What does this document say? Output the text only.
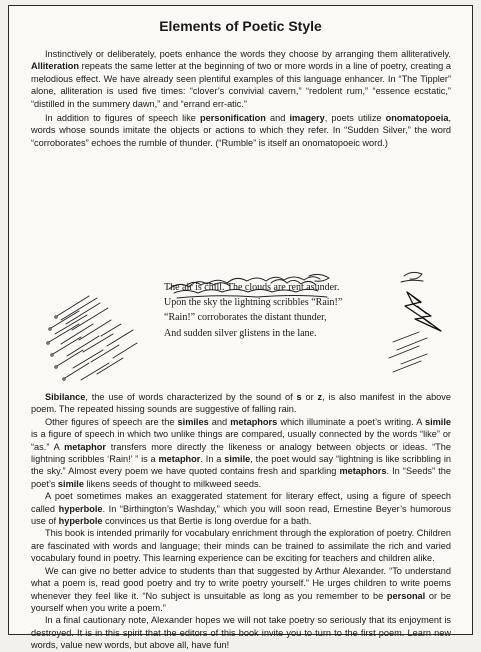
Elements of Poetic Style

Instinctively or deliberately, poets enhance the words they choose by arranging them alliteratively. Alliteration repeats the same letter at the beginning of two or more words in a line of poetry, creating a melodious effect. We have already seen plentiful examples of this language enhancer. In “The Tippler” alone, alliteration is used five times: “clover’s convivial cavern,” “redolent rum,” “essence ecstatic,” “distilled in the summery dawn,” and “errand err-atic.”

In addition to figures of speech like personification and imagery, poets utilize onomatopoeia, words whose sounds imitate the objects or actions to which they refer. In “Sudden Silver,” the word “corroborates” echoes the rumble of thunder. (“Rumble” is itself an onomatopoeic word.)

The air is chill. The clouds are rent asunder.
Upon the sky the lightning scribbles “Rain!”
“Rain!” corroborates the distant thunder,
And sudden silver glistens in the lane.

Sibilance, the use of words characterized by the sound of s or z, is also manifest in the above poem. The repeated hissing sounds are suggestive of falling rain.

Other figures of speech are the similes and metaphors which illuminate a poet’s writing. A simile is a figure of speech in which two unlike things are compared, usually connected by the words “like” or “as.” A metaphor transfers more directly the likeness or analogy between objects or ideas. “The lightning scribbles ‘Rain!’ ” is a metaphor. In a simile, the poet would say “lightning is like scribbling in the sky.” Almost every poem we have quoted contains fresh and sparkling metaphors. In “Seeds” the poet’s simile likens seeds of thought to milkweed seeds.

A poet sometimes makes an exaggerated statement for literary effect, using a figure of speech called hyperbole. In “Birthington’s Washday,” which you will soon read, Ernestine Beyer’s humorous use of hyperbole convinces us that Bertie is long overdue for a bath.

This book is intended primarily for vocabulary enrichment through the exploration of poetry. Children are fascinated with words and language; their minds can be trained to assimilate the rich and varied vocabulary found in poetry. This learning experience can be exciting for teachers and children alike.

We can give no better advice to students than that suggested by Arthur Alexander. “To understand what a poem is, read good poetry and try to write poetry yourself.” He urges children to write poems whenever they feel like it. “No subject is unsuitable as long as you remember to be personal or be yourself when you write a poem.”

In a final cautionary note, Alexander hopes we will not take poetry so seriously that its enjoyment is destroyed. It is in this spirit that the editors of this book invite you to turn to the first poem. Learn new words, value new words, but above all, have fun!
